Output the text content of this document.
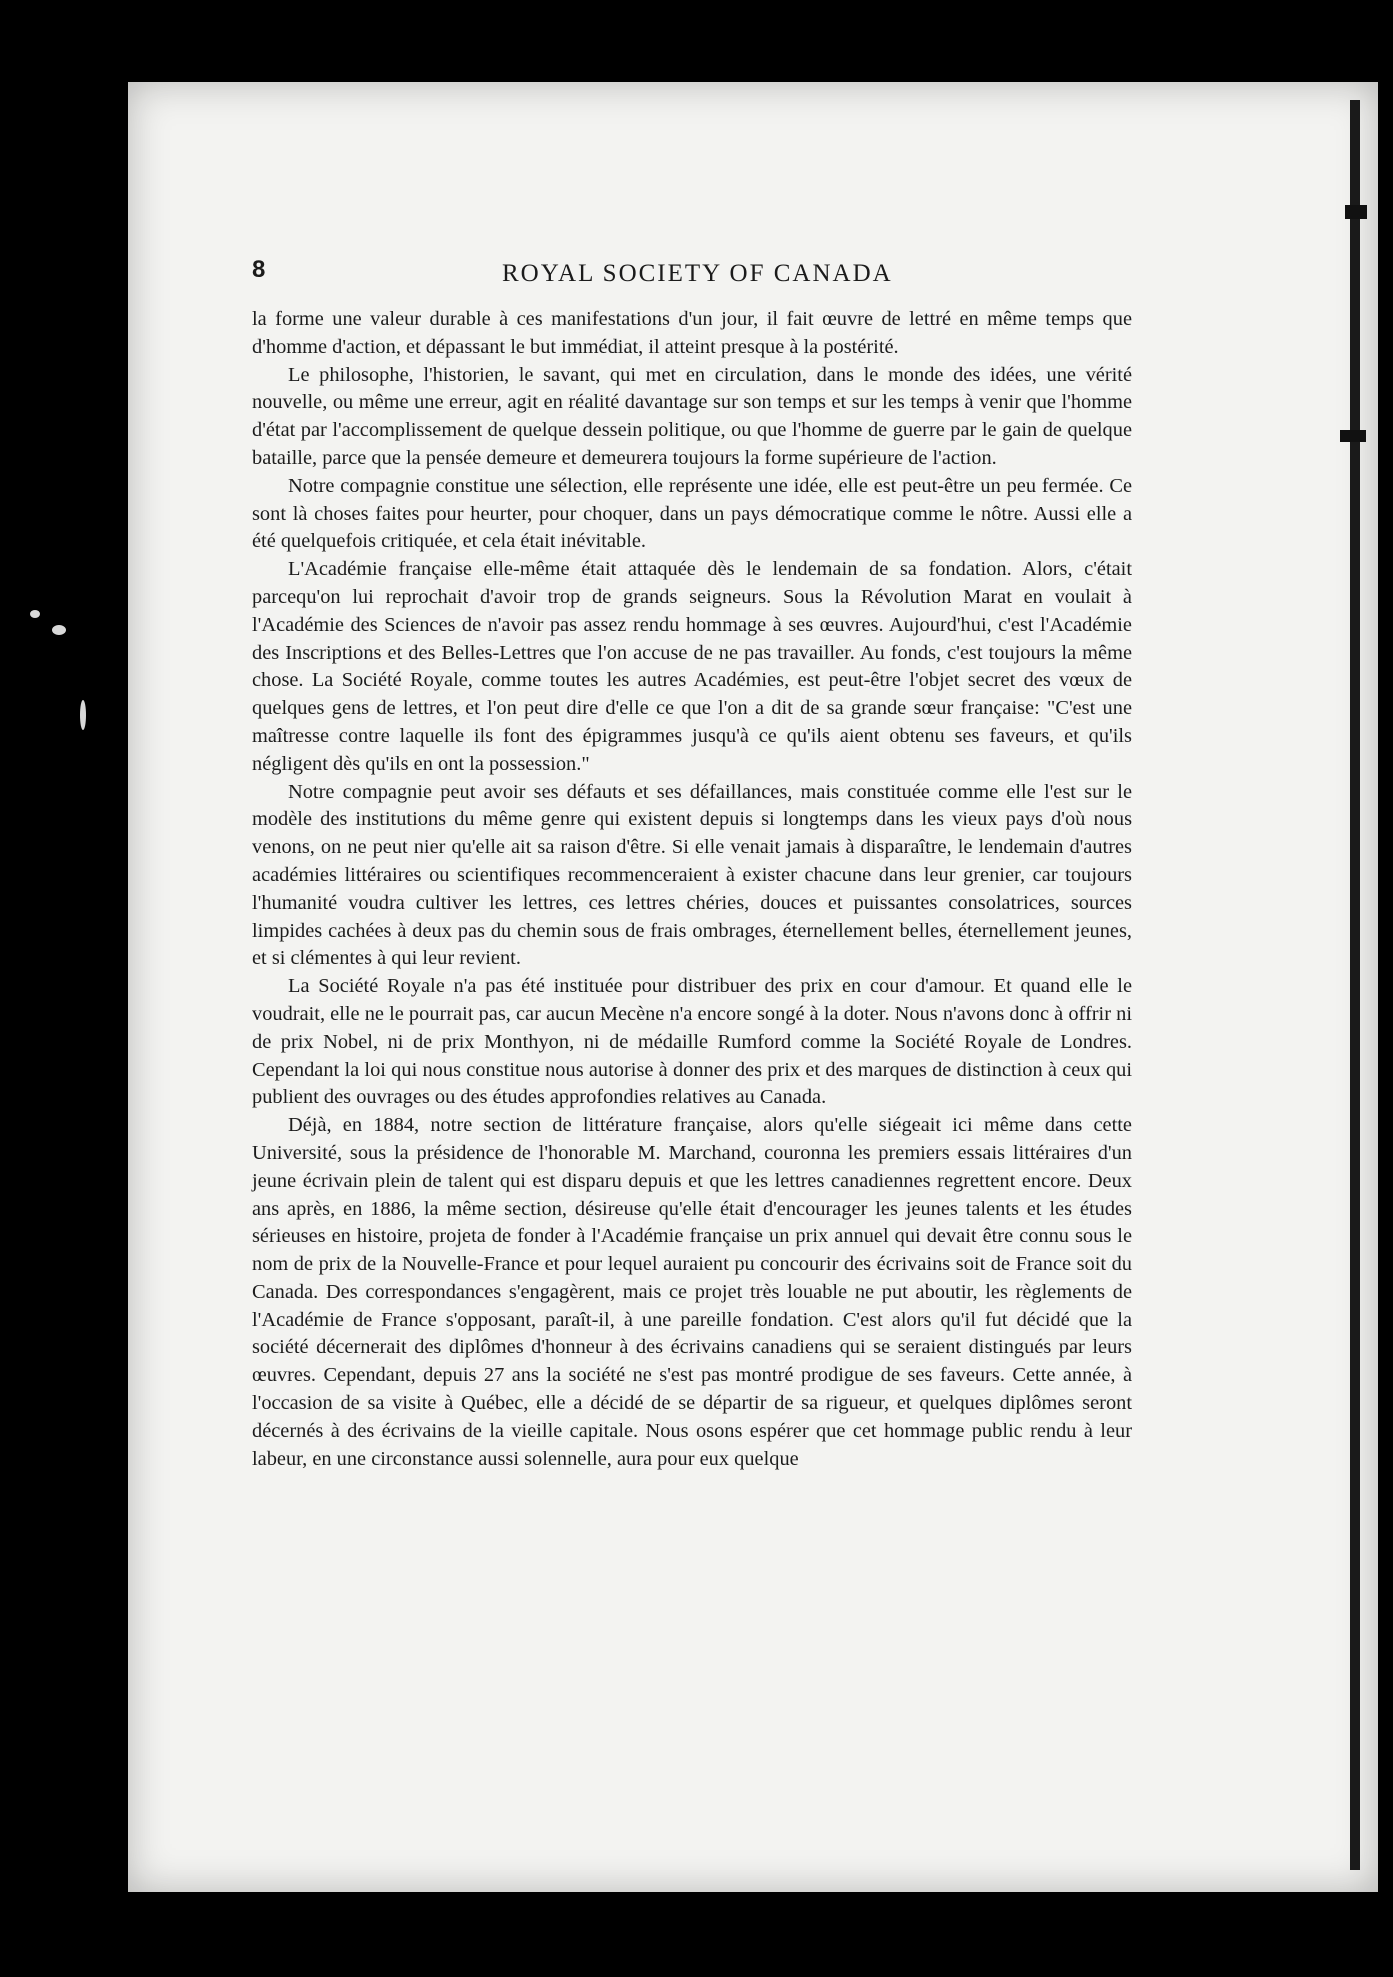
8	ROYAL SOCIETY OF CANADA

la forme une valeur durable à ces manifestations d'un jour, il fait œuvre de lettré en même temps que d'homme d'action, et dépassant le but immédiat, il atteint presque à la postérité.

Le philosophe, l'historien, le savant, qui met en circulation, dans le monde des idées, une vérité nouvelle, ou même une erreur, agit en réalité davantage sur son temps et sur les temps à venir que l'homme d'état par l'accomplissement de quelque dessein politique, ou que l'homme de guerre par le gain de quelque bataille, parce que la pensée demeure et demeurera toujours la forme supérieure de l'action.

Notre compagnie constitue une sélection, elle représente une idée, elle est peut-être un peu fermée. Ce sont là choses faites pour heurter, pour choquer, dans un pays démocratique comme le nôtre. Aussi elle a été quelquefois critiquée, et cela était inévitable.

L'Académie française elle-même était attaquée dès le lendemain de sa fondation. Alors, c'était parcequ'on lui reprochait d'avoir trop de grands seigneurs. Sous la Révolution Marat en voulait à l'Académie des Sciences de n'avoir pas assez rendu hommage à ses œuvres. Aujourd'hui, c'est l'Académie des Inscriptions et des Belles-Lettres que l'on accuse de ne pas travailler. Au fonds, c'est toujours la même chose. La Société Royale, comme toutes les autres Académies, est peut-être l'objet secret des vœux de quelques gens de lettres, et l'on peut dire d'elle ce que l'on a dit de sa grande sœur française: "C'est une maîtresse contre laquelle ils font des épigrammes jusqu'à ce qu'ils aient obtenu ses faveurs, et qu'ils négligent dès qu'ils en ont la possession."

Notre compagnie peut avoir ses défauts et ses défaillances, mais constituée comme elle l'est sur le modèle des institutions du même genre qui existent depuis si longtemps dans les vieux pays d'où nous venons, on ne peut nier qu'elle ait sa raison d'être. Si elle venait jamais à disparaître, le lendemain d'autres académies littéraires ou scientifiques recommenceraient à exister chacune dans leur grenier, car toujours l'humanité voudra cultiver les lettres, ces lettres chéries, douces et puissantes consolatrices, sources limpides cachées à deux pas du chemin sous de frais ombrages, éternellement belles, éternellement jeunes, et si clémentes à qui leur revient.

La Société Royale n'a pas été instituée pour distribuer des prix en cour d'amour. Et quand elle le voudrait, elle ne le pourrait pas, car aucun Mecène n'a encore songé à la doter. Nous n'avons donc à offrir ni de prix Nobel, ni de prix Monthyon, ni de médaille Rumford comme la Société Royale de Londres. Cependant la loi qui nous constitue nous autorise à donner des prix et des marques de distinction à ceux qui publient des ouvrages ou des études approfondies relatives au Canada.

Déjà, en 1884, notre section de littérature française, alors qu'elle siégeait ici même dans cette Université, sous la présidence de l'honorable M. Marchand, couronna les premiers essais littéraires d'un jeune écrivain plein de talent qui est disparu depuis et que les lettres canadiennes regrettent encore. Deux ans après, en 1886, la même section, désireuse qu'elle était d'encourager les jeunes talents et les études sérieuses en histoire, projeta de fonder à l'Académie française un prix annuel qui devait être connu sous le nom de prix de la Nouvelle-France et pour lequel auraient pu concourir des écrivains soit de France soit du Canada. Des correspondances s'engagèrent, mais ce projet très louable ne put aboutir, les règlements de l'Académie de France s'opposant, paraît-il, à une pareille fondation. C'est alors qu'il fut décidé que la société décernerait des diplômes d'honneur à des écrivains canadiens qui se seraient distingués par leurs œuvres. Cependant, depuis 27 ans la société ne s'est pas montré prodigue de ses faveurs. Cette année, à l'occasion de sa visite à Québec, elle a décidé de se départir de sa rigueur, et quelques diplômes seront décernés à des écrivains de la vieille capitale. Nous osons espérer que cet hommage public rendu à leur labeur, en une circonstance aussi solennelle, aura pour eux quelque
